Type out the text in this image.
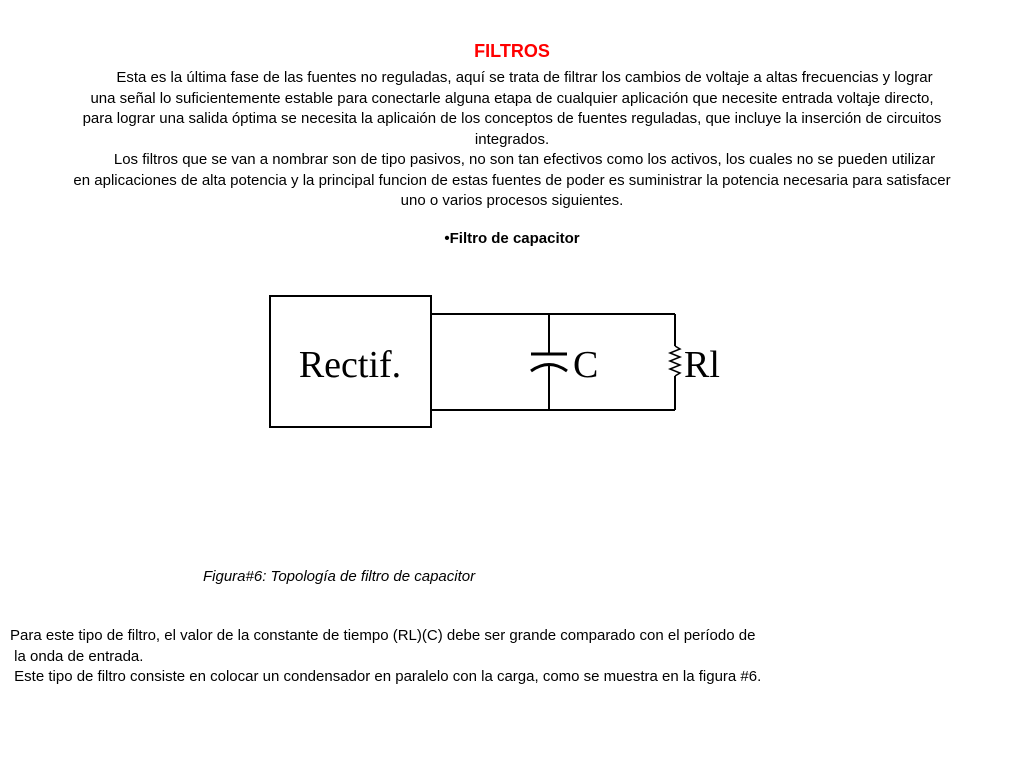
FILTROS
Esta es la última fase de las fuentes no reguladas, aquí se trata de filtrar los cambios de voltaje a altas frecuencias y lograr
una señal lo suficientemente estable para conectarle alguna etapa de cualquier aplicación que necesite entrada voltaje directo,
para lograr una salida óptima se necesita la aplicaión de los conceptos de fuentes reguladas, que incluye la inserción de circuitos
integrados.
Los filtros que se van a nombrar son de tipo pasivos, no son tan efectivos como los activos, los cuales no se pueden utilizar
en aplicaciones de alta potencia y la principal funcion de estas fuentes de poder es suministrar la potencia necesaria para satisfacer
uno o varios procesos siguientes.
•Filtro de capacitor
Rectif.	C Rl
Figura#6: Topología de filtro de capacitor
Para este tipo de filtro, el valor de la constante de tiempo (RL)(C) debe ser grande comparado con el período de
la onda de entrada.
Este tipo de filtro consiste en colocar un condensador en paralelo con la carga, como se muestra en la figura #6.
